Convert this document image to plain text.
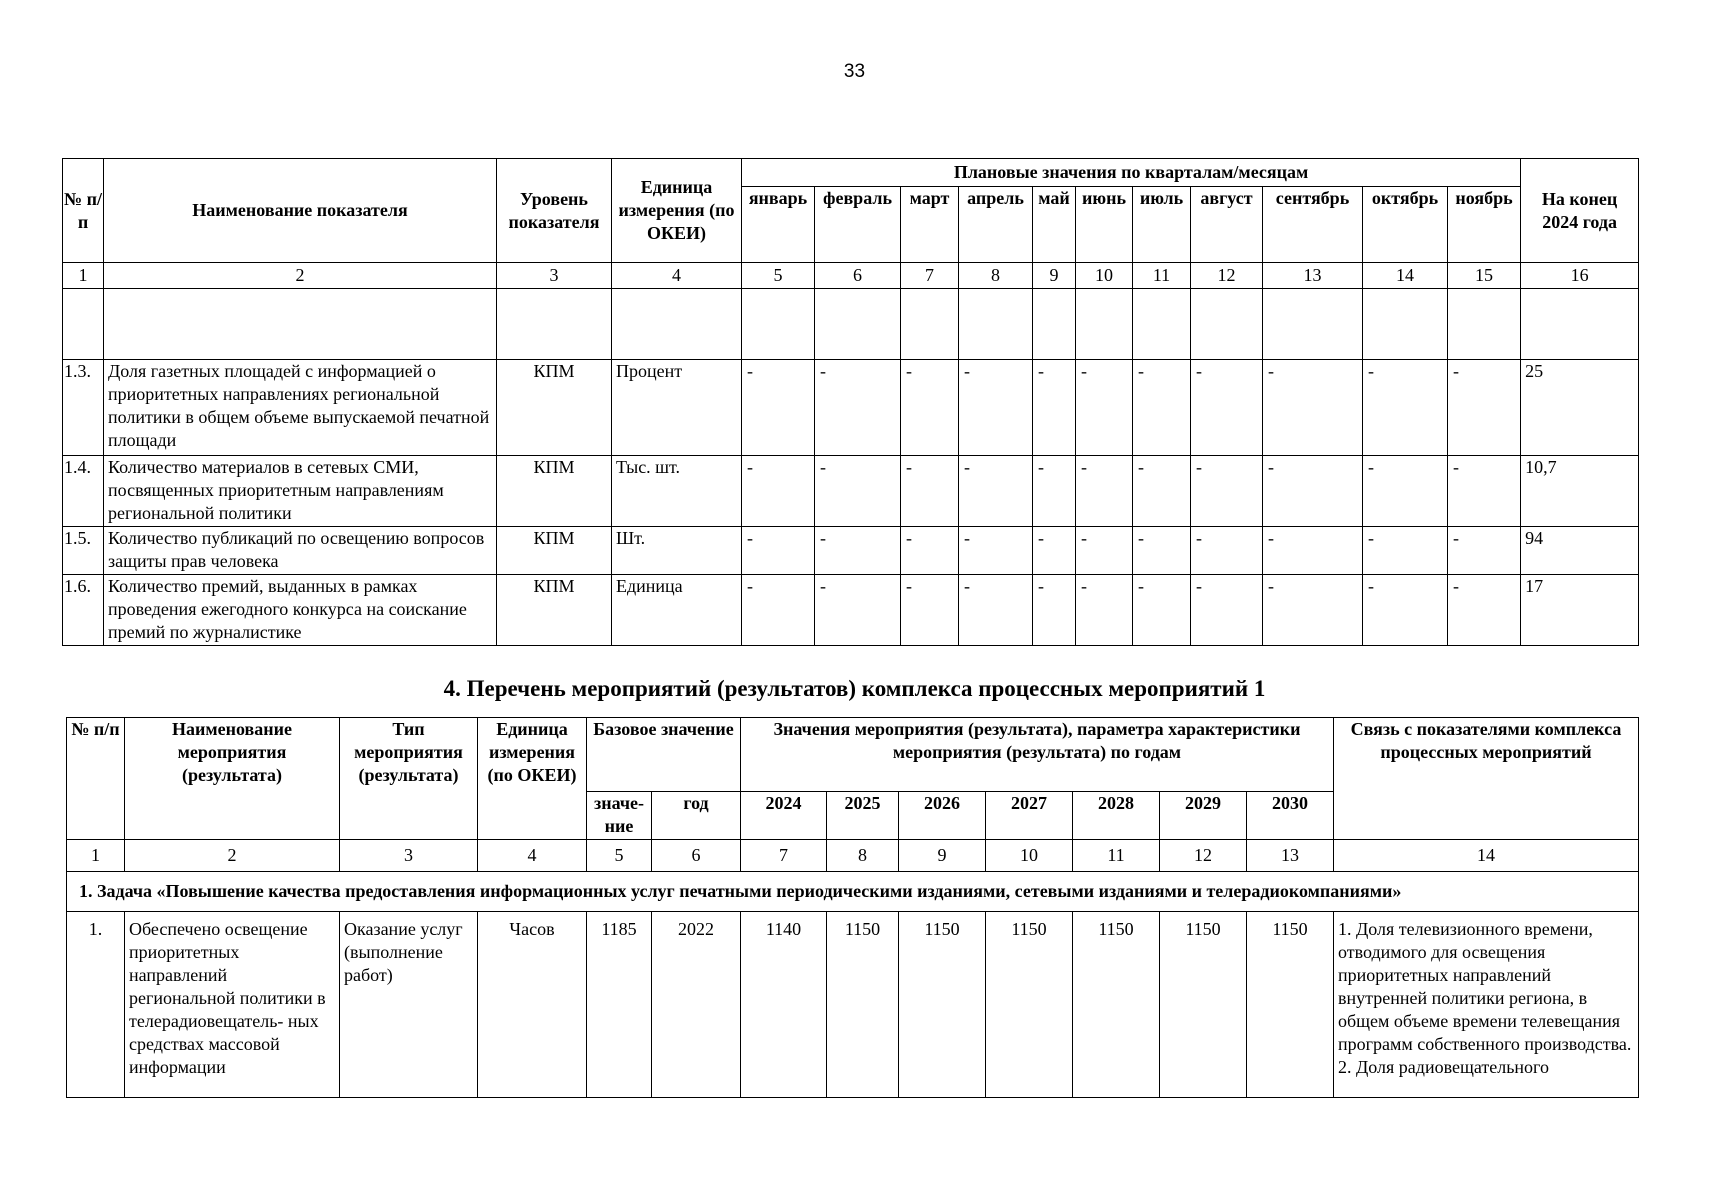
33
№ п/п	Наименование показателя	Уровень показателя	Единица измерения (по ОКЕИ)	Плановые значения по кварталам/месяцам											На конец 2024 года
				январь	февраль	март	апрель	май	июнь	июль	август	сентябрь	октябрь	ноябрь	
1	2	3	4	5	6	7	8	9	10	11	12	13	14	15	16

1.3.	Доля газетных площадей с информацией о приоритетных направлениях региональной политики в общем объеме выпускаемой печатной площади	КПМ	Процент	-	-	-	-	-	-	-	-	-	-	-	25
1.4.	Количество материалов в сетевых СМИ, посвященных приоритетным направлениям региональной политики	КПМ	Тыс. шт.	-	-	-	-	-	-	-	-	-	-	-	10,7
1.5.	Количество публикаций по освещению вопросов защиты прав человека	КПМ	Шт.	-	-	-	-	-	-	-	-	-	-	-	94
1.6.	Количество премий, выданных в рамках проведения ежегодного конкурса на соискание премий по журналистике	КПМ	Единица	-	-	-	-	-	-	-	-	-	-	-	17
4. Перечень мероприятий (результатов) комплекса процессных мероприятий 1
№ п/п	Наименование мероприятия (результата)	Тип мероприятия (результата)	Единица измерения (по ОКЕИ)	Базовое значение		Значения мероприятия (результата), параметра характеристики мероприятия (результата) по годам							Связь с показателями комплекса процессных мероприятий
				значе- ние	год	2024	2025	2026	2027	2028	2029	2030	
1	2	3	4	5	6	7	8	9	10	11	12	13	14
1. Задача «Повышение качества предоставления информационных услуг печатными периодическими изданиями, сетевыми изданиями и телерадиокомпаниями»													
1.	Обеспечено освещение приоритетных направлений региональной политики в телерадиовещатель- ных средствах массовой информации	Оказание услуг (выполнение работ)	Часов	1185	2022	1140	1150	1150	1150	1150	1150	1150	1. Доля телевизионного времени, отводимого для освещения приоритетных направлений внутренней политики региона, в общем объеме времени телевещания программ собственного производства. 2. Доля радиовещательного
